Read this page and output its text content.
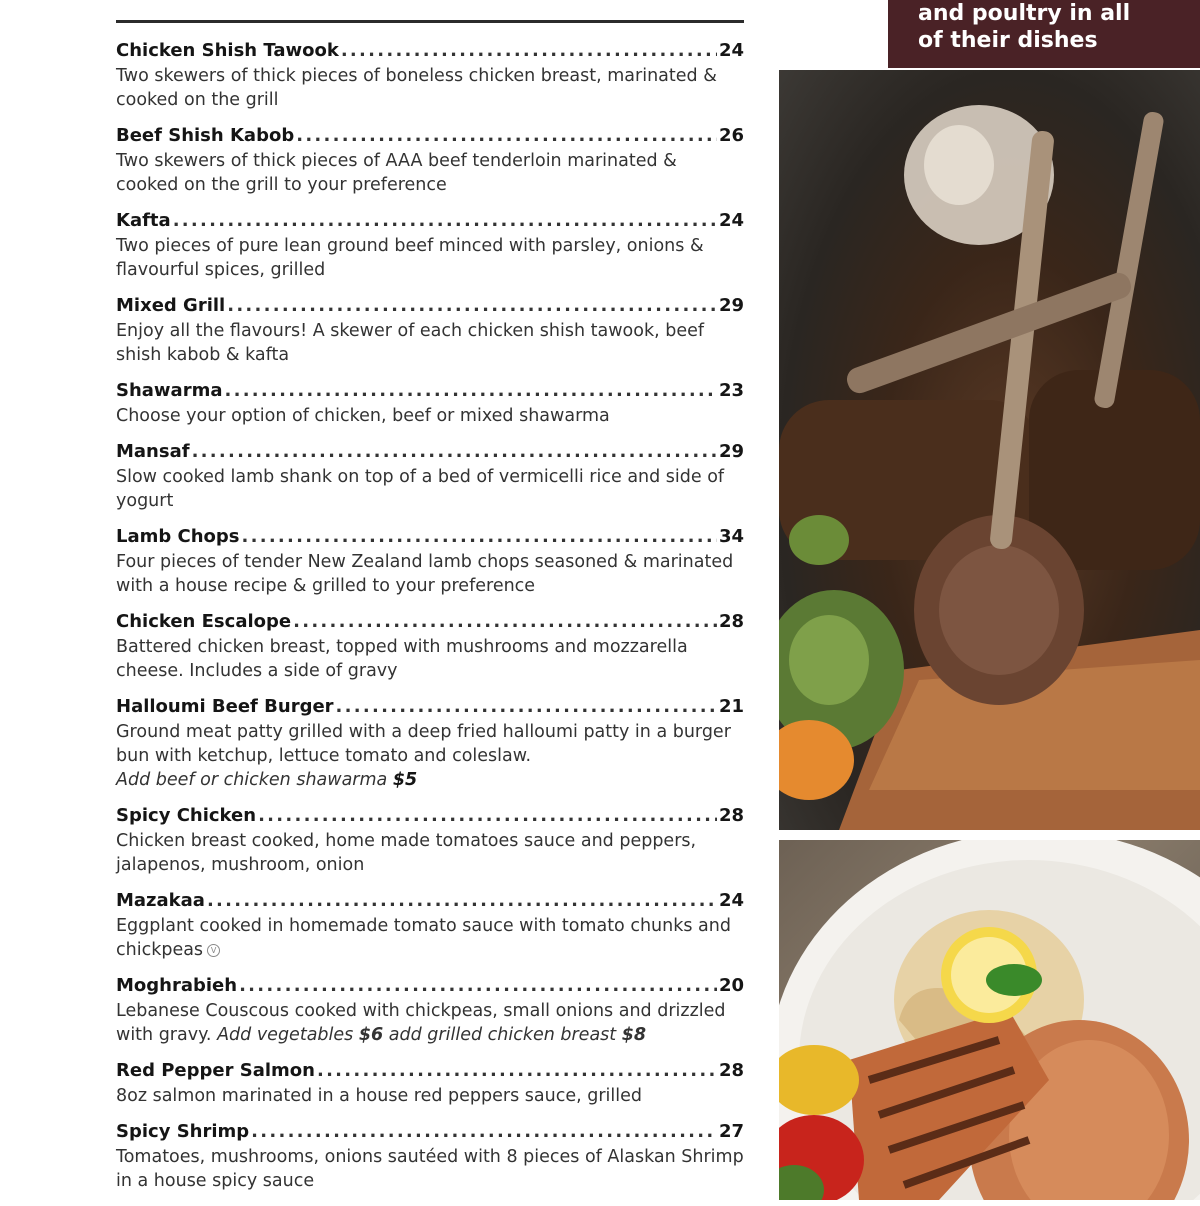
and poultry in all
of their dishes
Chicken Shish Tawook . . .	24
Two skewers of thick pieces of boneless chicken breast, marinated & cooked on the grill
Beef Shish Kabob . . .	26
Two skewers of thick pieces of AAA beef tenderloin marinated & cooked on the grill to your preference
Kafta . . .	24
Two pieces of pure lean ground beef minced with parsley, onions & flavourful spices, grilled
Mixed Grill . . .	29
Enjoy all the flavours! A skewer of each chicken shish tawook, beef shish kabob & kafta
Shawarma . . .	23
Choose your option of chicken, beef or mixed shawarma
Mansaf . . .	29
Slow cooked lamb shank on top of a bed of vermicelli rice and side of yogurt
Lamb Chops . . .	34
Four pieces of tender New Zealand lamb chops seasoned & marinated with a house recipe & grilled to your preference
Chicken Escalope . . .	28
Battered chicken breast, topped with mushrooms and mozzarella cheese. Includes a side of gravy
Halloumi Beef Burger . . .	21
Ground meat patty grilled with a deep fried halloumi patty in a burger bun with ketchup, lettuce tomato and coleslaw.
Add beef or chicken shawarma $5
Spicy Chicken . . .	28
Chicken breast cooked, home made tomatoes sauce and peppers, jalapenos, mushroom, onion
Mazakaa . . .	24
Eggplant cooked in homemade tomato sauce with tomato chunks and chickpeas V
Moghrabieh . . .	20
Lebanese Couscous cooked with chickpeas, small onions and drizzled with gravy. Add vegetables $6 add grilled chicken breast $8
Red Pepper Salmon . . .	28
8oz salmon marinated in a house red peppers sauce, grilled
Spicy Shrimp . . .	27
Tomatoes, mushrooms, onions sautéed with 8 pieces of Alaskan Shrimp in a house spicy sauce
